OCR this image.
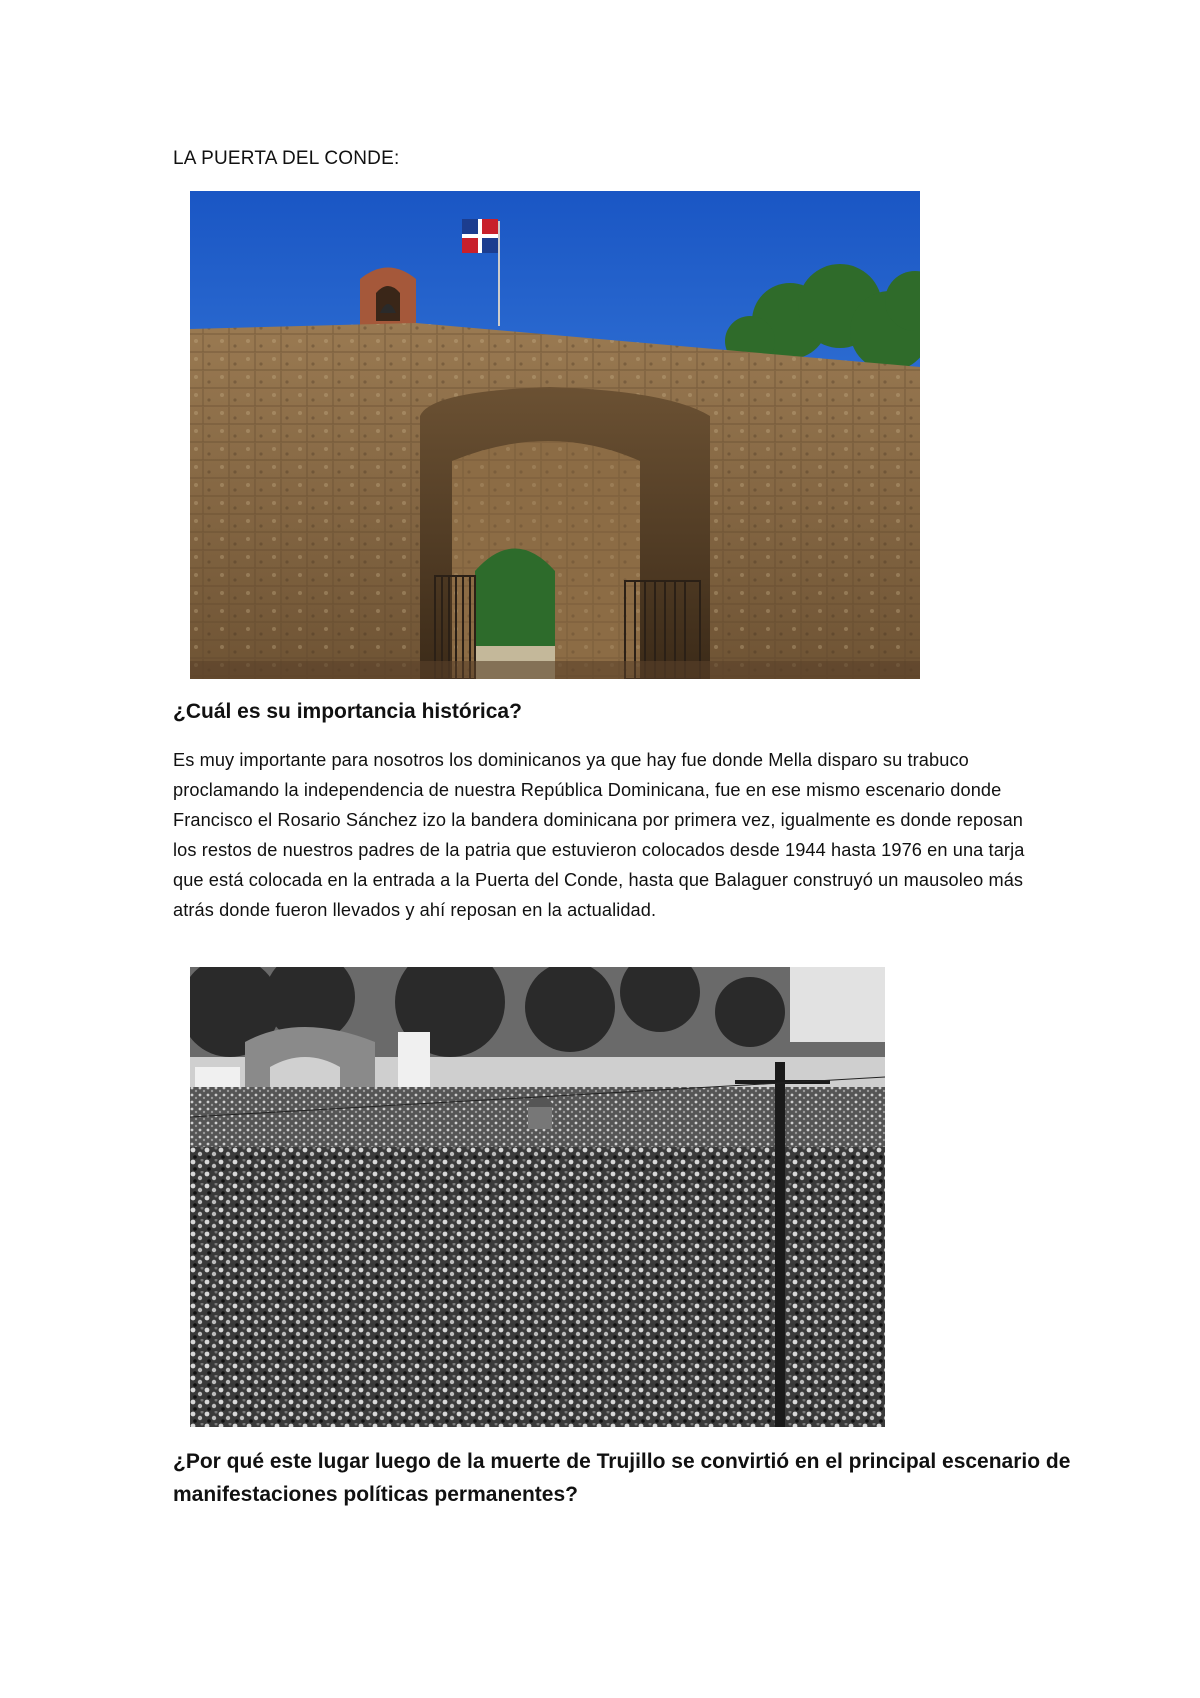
LA PUERTA DEL CONDE:
¿Cuál es su importancia histórica?
Es muy importante para nosotros los dominicanos ya que hay fue donde Mella disparo su trabuco proclamando la independencia de nuestra República Dominicana, fue en ese mismo escenario donde Francisco el Rosario Sánchez izo la bandera dominicana por primera vez, igualmente es donde reposan los restos de nuestros padres de la patria que estuvieron colocados desde 1944 hasta 1976 en una tarja que está colocada en la entrada a la Puerta del Conde, hasta que Balaguer construyó un mausoleo más atrás donde fueron llevados y ahí reposan en la actualidad.
¿Por qué este lugar luego de la muerte de Trujillo se convirtió en el principal escenario de manifestaciones políticas permanentes?
